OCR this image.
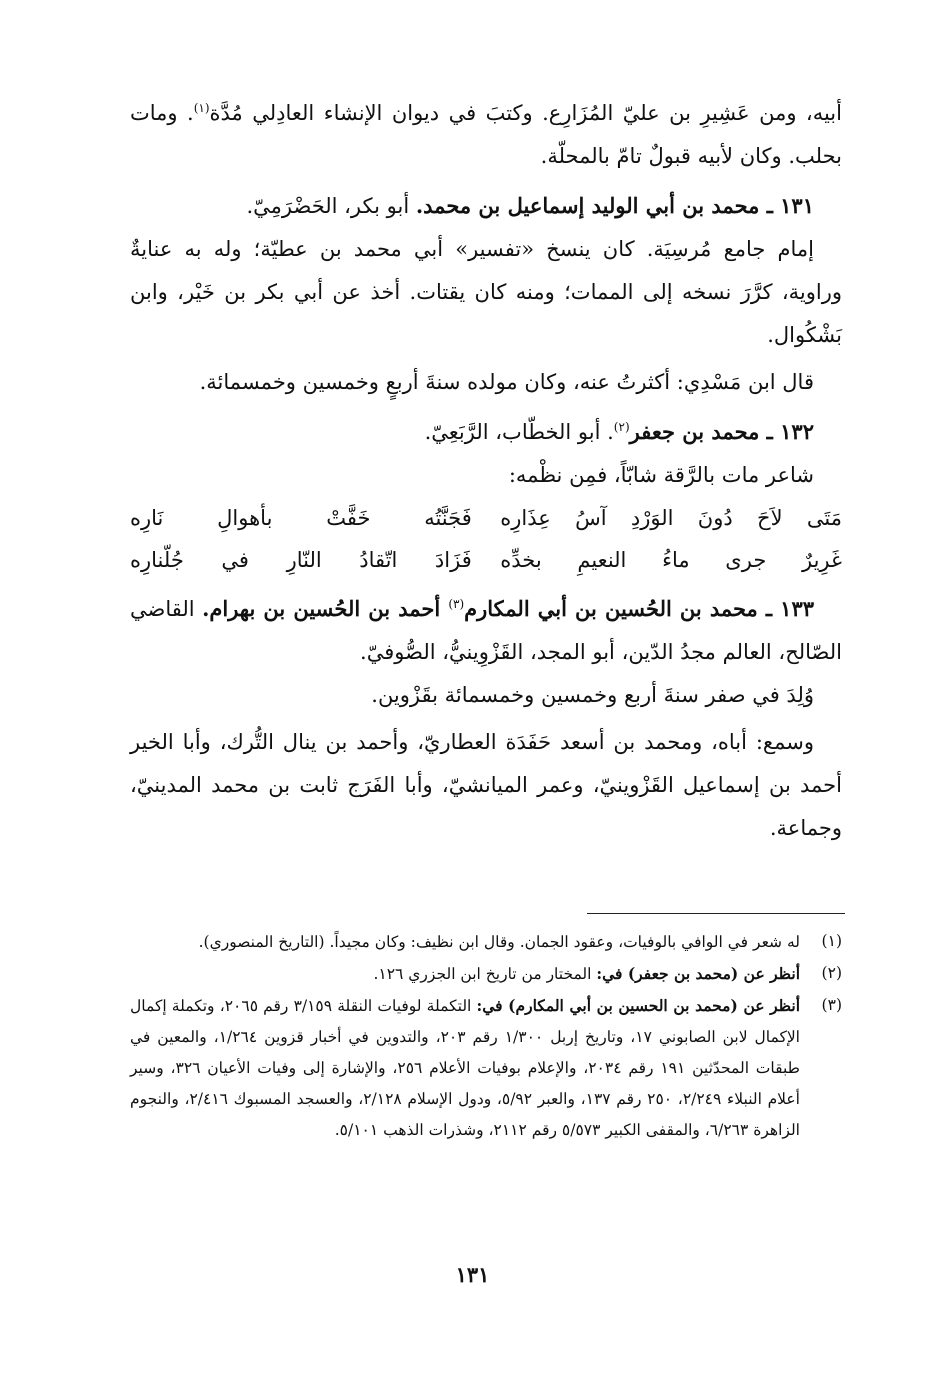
أبيه، ومن عَشِيرِ بن عليّ المُزَارِع. وكتبَ في ديوان الإنشاء العادِلي مُدَّة$^{(١)}$. ومات بحلب. وكان لأبيه قبولٌ تامّ بالمحلّة.

١٣١ ـ محمد بن أبي الوليد إسماعيل بن محمد. أبو بكر، الحَضْرَمِيّ.

إمام جامع مُرسِيَة. كان ينسخ «تفسير» أبي محمد بن عطيّة؛ وله به عنايةٌ وراوية، كرَّرَ نسخه إلى الممات؛ ومنه كان يقتات. أخذ عن أبي بكر بن خَيْر، وابن بَشْكُوال.

قال ابن مَسْدِي: أكثرتُ عنه، وكان مولده سنةَ أربعٍ وخمسين وخمسمائة.

١٣٢ ـ محمد بن جعفر$^{(٢)}$. أبو الخطّاب، الرَّبَعِيّ.

شاعر مات بالرَّقة شابّاً، فمِن نظْمه:

مَتَى لاَحَ دُونَ الوَرْدِ آسُ عِذَارِه
فَجَنَّتُه خَفَّتْ بأهوالِ نَارِه
غَرِيرٌ جرى ماءُ النعيمِ بخدِّه
فَزَادَ اتّقادُ النّارِ في جُلّنارِه

١٣٣ ـ محمد بن الحُسين بن أبي المكارم$^{(٣)}$ أحمد بن الحُسين بن بهرام. القاضي الصّالح، العالم مجدُ الدّين، أبو المجد، القَزْوِينيُّ، الصُّوفيّ.

وُلِدَ في صفر سنةَ أربع وخمسين وخمسمائة بقَزْوين.

وسمع: أباه، ومحمد بن أسعد حَفَدَة العطاريّ، وأحمد بن ينال التُّرك، وأبا الخير أحمد بن إسماعيل القَزْوينيّ، وعمر الميانشيّ، وأبا الفَرَج ثابت بن محمد المدينيّ، وجماعة.

(١)
له شعر في الوافي بالوفيات، وعقود الجمان. وقال ابن نظيف: وكان مجيداً. (التاريخ المنصوري).
(٢)
أنظر عن (محمد بن جعفر) في: المختار من تاريخ ابن الجزري ١٢٦.
(٣)
أنظر عن (محمد بن الحسين بن أبي المكارم) في: التكملة لوفيات النقلة ٣/١٥٩ رقم ٢٠٦٥، وتكملة إكمال الإكمال لابن الصابوني ١٧، وتاريخ إربل ١/٣٠٠ رقم ٢٠٣، والتدوين في أخبار قزوين ١/٢٦٤، والمعين في طبقات المحدّثين ١٩١ رقم ٢٠٣٤، والإعلام بوفيات الأعلام ٢٥٦، والإشارة إلى وفيات الأعيان ٣٢٦، وسير أعلام النبلاء ٢/٢٤٩، ٢٥٠ رقم ١٣٧، والعبر ٥/٩٢، ودول الإسلام ٢/١٢٨، والعسجد المسبوك ٢/٤١٦، والنجوم الزاهرة ٦/٢٦٣، والمقفى الكبير ٥/٥٧٣ رقم ٢١١٢، وشذرات الذهب ٥/١٠١.
١٣١
